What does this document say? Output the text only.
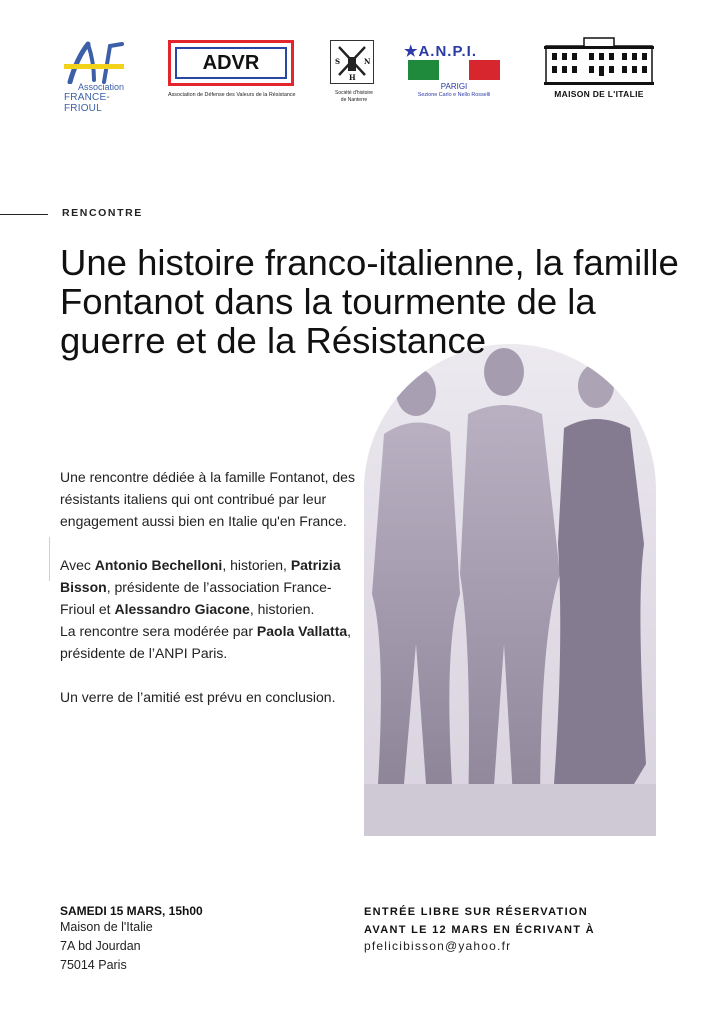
Association
FRANCE-FRIOUL
ADVR
Association de Défense des Valeurs de la Résistance
S	N
H
Société d'histoire
de Nanterre
★A.N.P.I.
PARIGI
Sezione Carlo e Nello Rosselli	MAISON DE L'ITALIE
RENCONTRE
Une histoire franco-italienne, la famille Fontanot dans la tourmente de la guerre et de la Résistance

Une rencontre dédiée à la famille Fontanot, des résistants italiens qui ont contribué par leur engagement aussi bien en Italie qu'en France.

Avec Antonio Bechelloni, historien, Patrizia Bisson, présidente de l’association France-Frioul et Alessandro Giacone, historien.

La rencontre sera modérée par Paola Vallatta, présidente de l’ANPI Paris.

Un verre de l’amitié est prévu en conclusion.

SAMEDI 15 MARS, 15h00
Maison de l'Italie
7A bd Jourdan
75014 Paris
ENTRÉE LIBRE SUR RÉSERVATION
AVANT LE 12 MARS EN ÉCRIVANT À
pfelicibisson@yahoo.fr
